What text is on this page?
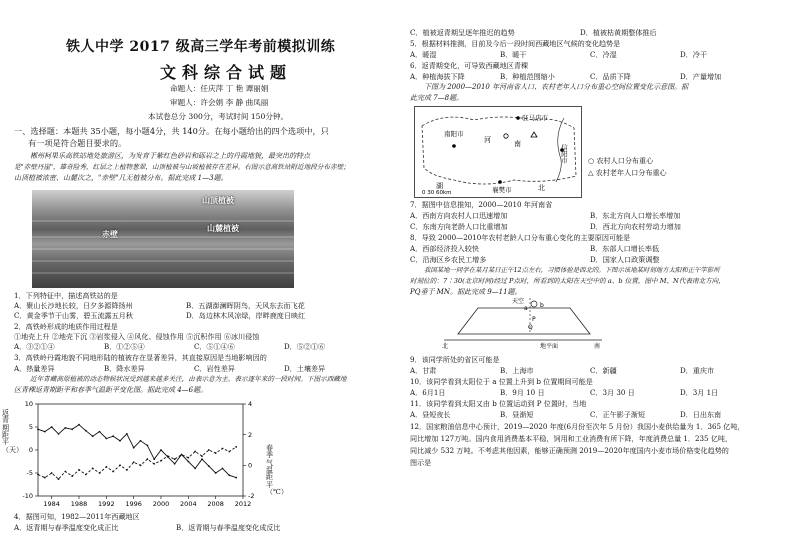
铁人中学 2017 级高三学年考前模拟训练
文科综合试题
命题人：任庆萍 丁 艳 谭丽娟
审题人：许会娟 李 静 曲凤丽
本试卷总分 300分，考试时间 150分钟。
一、选择题：本题共 35小题，每小题4分，共 140分。在每小题给出的四个选项中，只
有一项是符合题目要求的。
郴州柯果乐高铁站地处旅游区，为发育于紫红色砂岩和砾岩之上的丹霞地貌，最突出的特点
是"赤壁丹崖"，雄奇险秀，红层之上植物葱翠，山顶植被与山坡植被存在差异。右图示意高铁站附近地段分布赤壁；
山顶植被浓密、山麓次之，"赤壁"几无植被分布。据此完成 1—3题。
山顶植被
山麓植被
赤壁
1．下列特征中，描述高铁站的是
A．聚山长沙地长较，日夕多源降扬州	B．五湖澎澜晖阴鸟，天风东去而飞花
C．黄金季节干山雾，碧玉流露五月秋	D．岛边林木风凉绿，岸畔鹿度日映红
2．高铁岭形成的地质作用过程是
①地壳上升 ②地壳下沉 ③岩浆侵入 ④风化、侵蚀作用 ⑤沉积作用 ⑥冰川侵蚀
A．③②①④	B．①②⑤④	C．⑤①④⑥	D．⑤②①⑥
3．高铁岭丹霞地貌不同地形陆的植被存在显著差异，其直接原因是当地影响因的
A．热量差异	B．降水差异	C．岩性差异	D．土壤差异
近年青藏高原植被的动态物候状况受到越来越多关注，由表示意为主。表示逐年来的一段时间。下图示西藏地
区青稞返青期距平和春季气温距平变化图。据此完成 4—6题。
10
5
0
-5
-10
4
2
0
-2
1984 1988 1992 1996 2000 2004 2008 2012
返青期距平（天）	春季气温距平（℃）
4．据图可知，1982—2011年西藏地区
A．返青期与春季温度变化成正比	B．返青期与春季温度变化成反比
C．植被返青期呈逐年推迟的趋势	D．植被枯黄期整体推后
5．根据材料推测，目前及今后一段时间西藏地区气候的变化趋势是
A．暖湿	B．暖干	C．冷湿	D．冷干
6．返青期变化，可导致西藏地区青稞
A．种植海拔下降	B．种植范围缩小	C．品质下降	D．产量增加
下图为 2000—2010 年河南省人口、农村老年人口分布重心空间位置变化示意图。据
此完成 7—8题。
驻马店市
南阳市
信阳市
襄樊市
河	南
湖	北
0 30 60km
○ 农村人口分布重心
△ 农村老年人口分布重心
7．据图中信息推知，2000—2010 年河南省
A．西南方向农村人口迅速增加	B．东北方向人口增长率增加
C．东南方向老龄人口比重增加	D．西北方向农村劳动力增加
8．导致 2000—2010年农村老龄人口分布重心变化的主要原因可能是
A．西部经济投入较快	B．东部人口增长率低
C．沿海区乡农民工增多	D．国家人口政策调整
我国某地一同学在某月某日正午12点左右，习惯体验是西北的。下图示该地某时刻地方太阳和正午竿影所
时刻位的：7∶30(北京时间)经过 P点时，所看到的太阳在天空中的 a、b 位置，图中 M、N代表南北方向，
PQ垂于 MN。据此完成 9—11题。
天空
a b
P
Q
北	南
地平面
9．该同学所处的省区可能是
A．甘肃	B．上海市	C．新疆	D．重庆市
10．该同学看到太阳位于 a 位置上升到 b 位置期间可能是
A．6月1日	B．9月 10 日	C．3月 30 日	D．3月 1日
11．该同学看到太阳又由 b 位置运动到 P 位置时，当地
A．昼短夜长	B．昼渐短	C．正午影子渐短	D．日出东南
12．国家粮油信息中心预计，2019—2020 年度(6月份至次年 5 月份）我国小麦供给量为 1．365 亿吨，
同比增加 127万吨。国内食用消费基本平稳，饲用和工业消费有所下降，年度消费总量 1．235 亿吨，
同比减少 532 万吨。不考虑其他因素，能够正确预测 2019—2020年度国内小麦市场价格变化趋势的
图示是
